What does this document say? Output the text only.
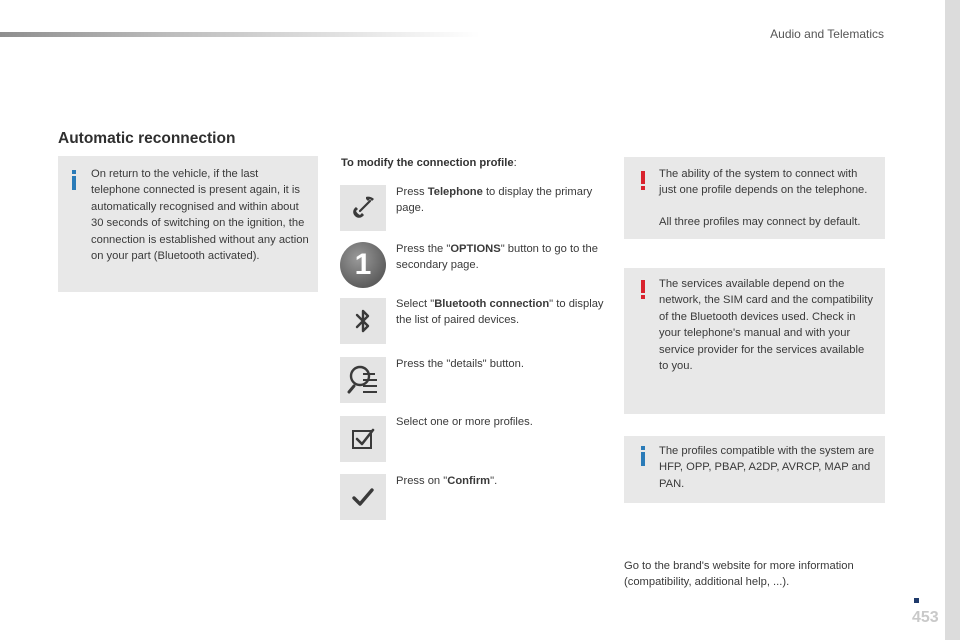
Audio and Telematics
Automatic reconnection

On return to the vehicle, if the last telephone connected is present again, it is automatically recognised and within about 30 seconds of switching on the ignition, the connection is established without any action on your part (Bluetooth activated).

To modify the connection profile:
Press Telephone to display the primary page.
1	Press the "OPTIONS" button to go to the secondary page.
Select "Bluetooth connection" to display the list of paired devices.
Press the "details" button.
Select one or more profiles.
Press on "Confirm".

The ability of the system to connect with just one profile depends on the telephone.

All three profiles may connect by default.

The services available depend on the network, the SIM card and the compatibility of the Bluetooth devices used. Check in your telephone's manual and with your service provider for the services available to you.

The profiles compatible with the system are HFP, OPP, PBAP, A2DP, AVRCP, MAP and PAN.

Go to the brand's website for more information (compatibility, additional help, ...).
453
